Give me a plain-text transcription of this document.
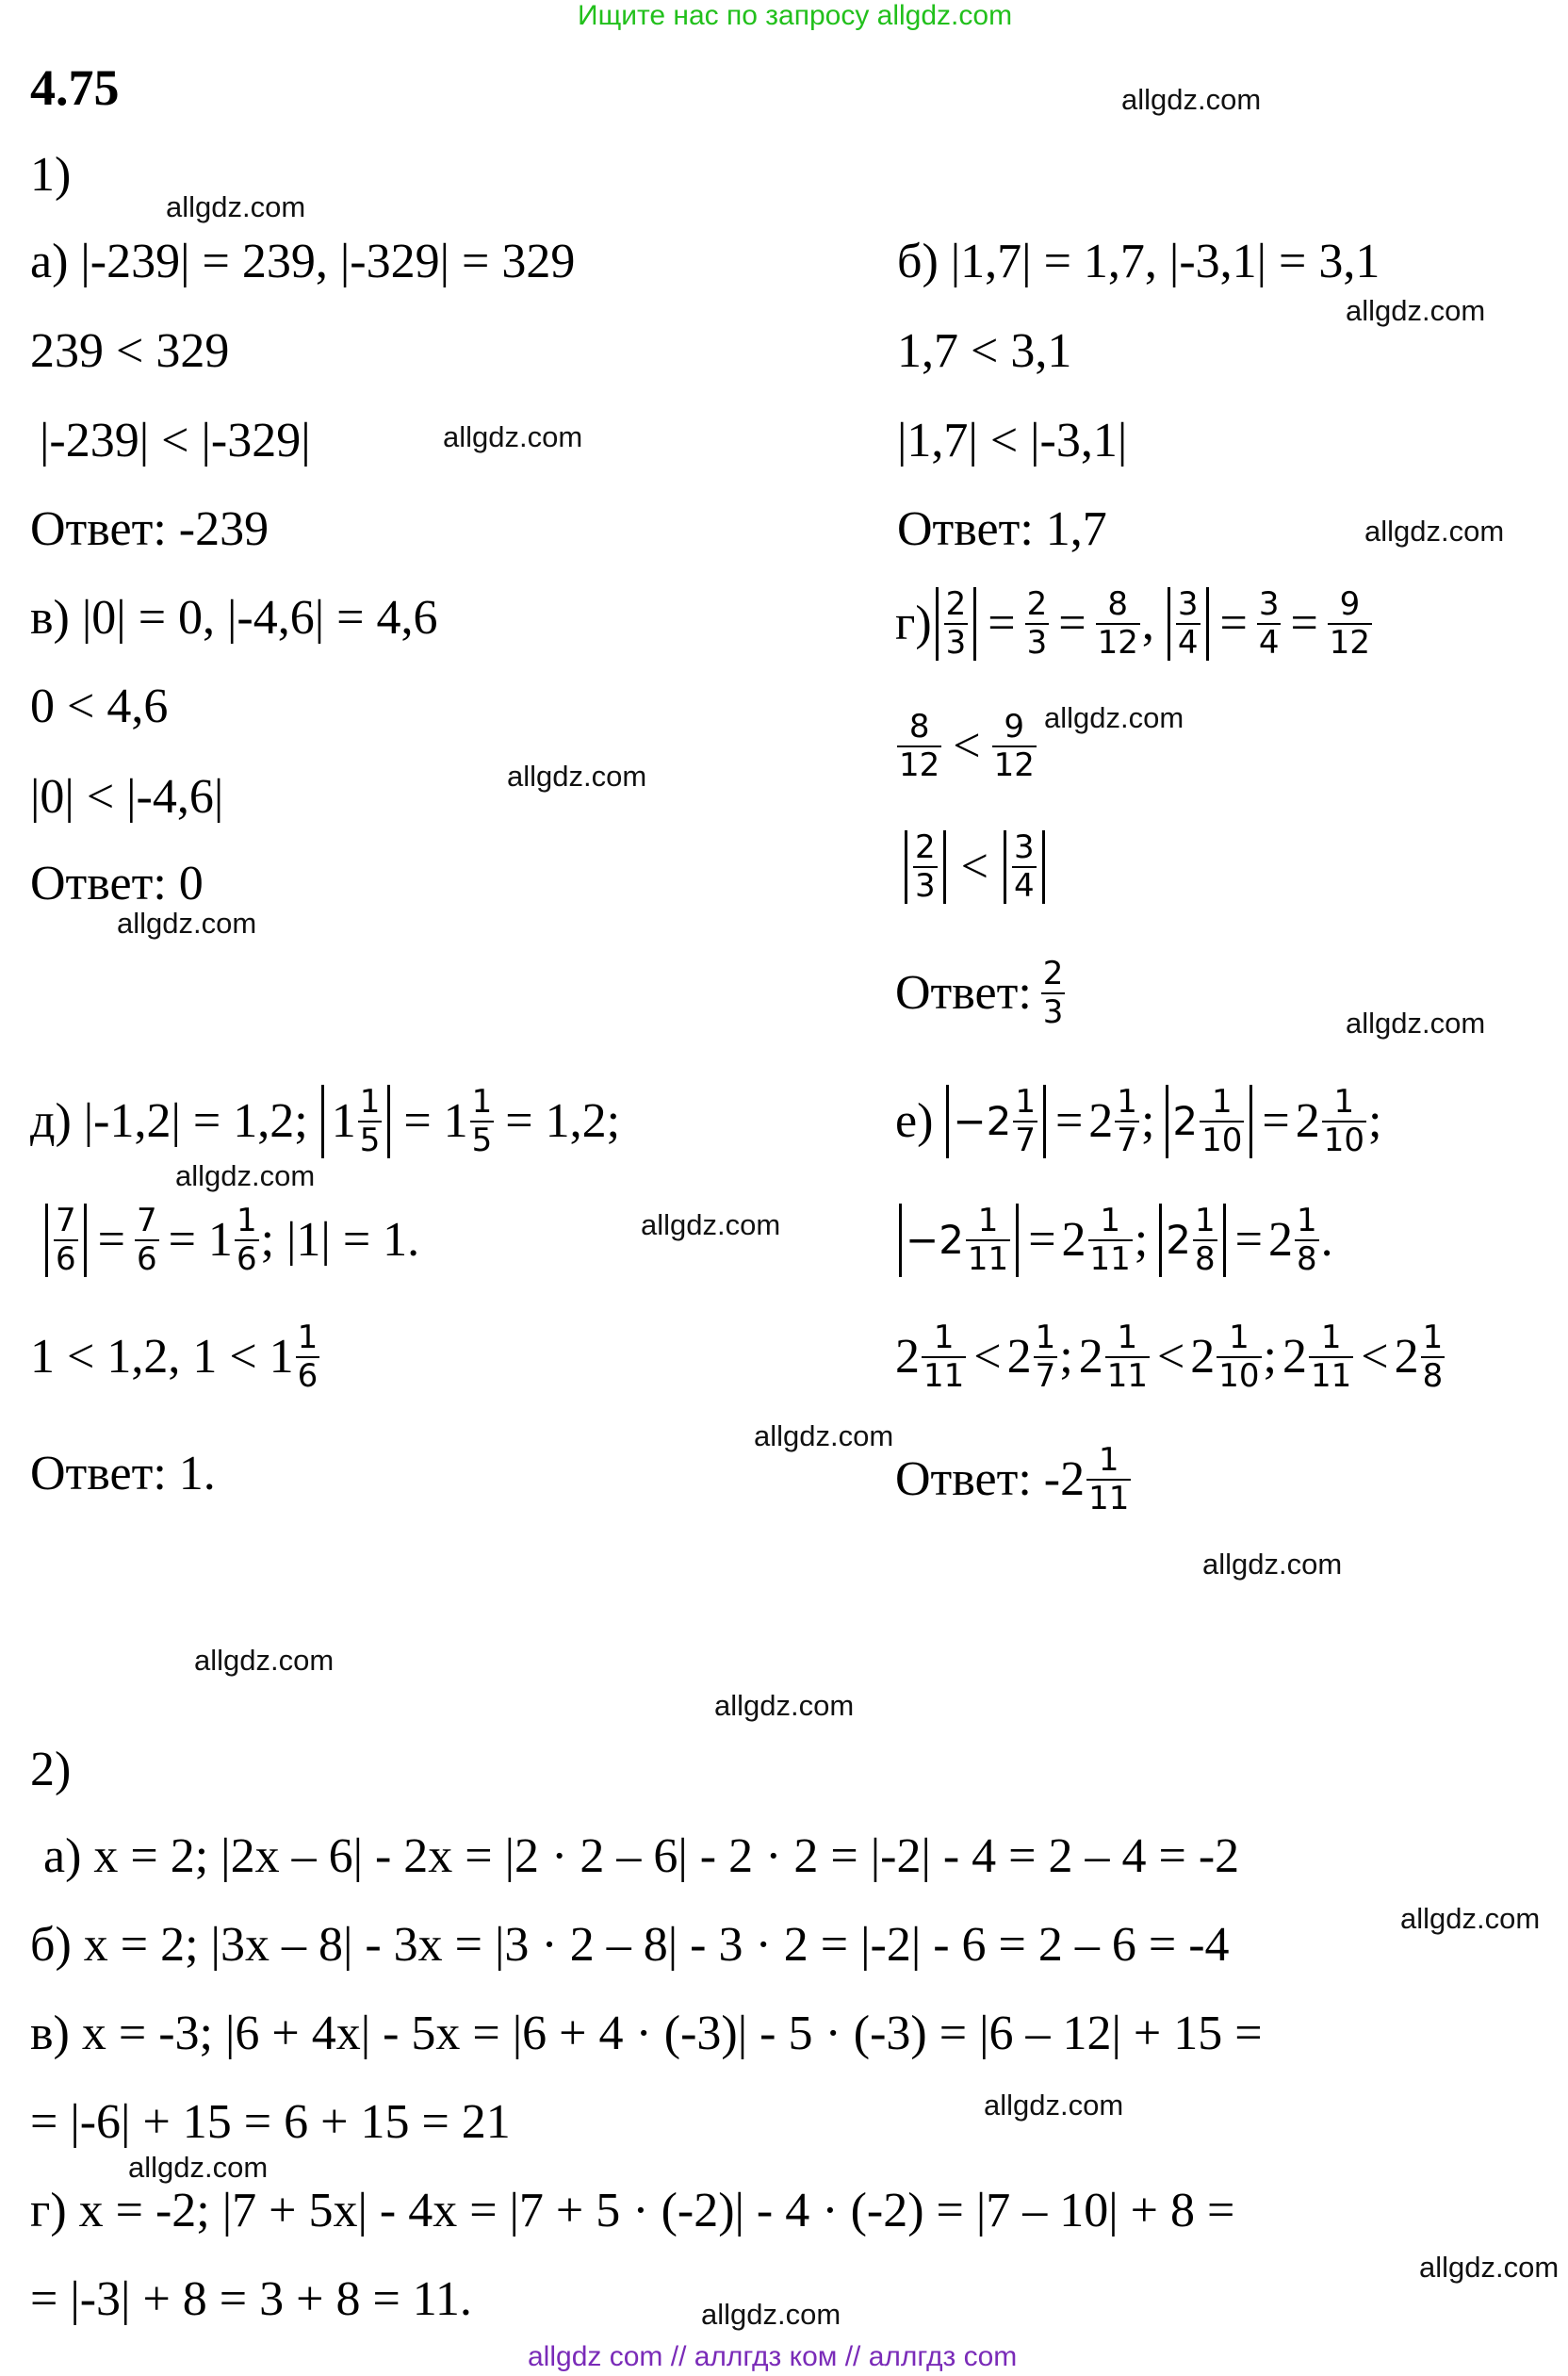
Ищите нас по запросу allgdz.com
4.75
1)
а) |-239| = 239, |-329| = 329
239 < 329
|-239| < |-329|
Ответ: -239
б) |1,7| = 1,7, |-3,1| = 3,1
1,7 < 3,1
|1,7| < |-3,1|
Ответ: 1,7
в) |0| = 0, |-4,6| = 4,6
0 < 4,6
|0| < |-4,6|
Ответ: 0
$г) \frac{2}{3} = \frac{2}{3} = \frac{8}{12}$ , $\frac{3}{4} = \frac{3}{4} = \frac{9}{12}$
$\frac{8}{12} < \frac{9}{12}$
$\frac{2}{3} < \frac{3}{4}$
Ответ: $\frac{2}{3}$
д) |-1,2| = 1,2; $1 \frac{1}{5} = 1 \frac{1}{5} = 1,2$;
$\frac{7}{6} = \frac{7}{6} = 1 \frac{1}{6}$ ; |1| = 1.
1 < 1,2, $1 < 1 \frac{1}{6}$
Ответ: 1.
$е) -2 \frac{1}{7} = 2 \frac{1}{7}$ ; $2 \frac{1}{10} = 2 \frac{1}{10}$ ;
$-2 \frac{1}{11} = 2 \frac{1}{11}$ ; $2 \frac{1}{8} = 2 \frac{1}{8}$ .
$2 \frac{1}{11} < 2 \frac{1}{7}$ ; $2 \frac{1}{11} < 2 \frac{1}{10}$ ; $2 \frac{1}{11} < 2 \frac{1}{8}$
Ответ: $-2 \frac{1}{11}$
2)
а) x = 2; |2x – 6| - 2x = |2 · 2 – 6| - 2 · 2 = |-2| - 4 = 2 – 4 = -2
б) x = 2; |3x – 8| - 3x = |3 · 2 – 8| - 3 · 2 = |-2| - 6 = 2 – 6 = -4
в) x = -3; |6 + 4x| - 5x = |6 + 4 · (-3)| - 5 · (-3) = |6 – 12| + 15 =
= |-6| + 15 = 6 + 15 = 21
г) x = -2; |7 + 5x| - 4x = |7 + 5 · (-2)| - 4 · (-2) = |7 – 10| + 8 =
= |-3| + 8 = 3 + 8 = 11.
allgdz.com
allgdz.com
allgdz.com
allgdz.com
allgdz.com
allgdz.com
allgdz.com
allgdz.com
allgdz.com
allgdz.com
allgdz.com
allgdz.com
allgdz.com
allgdz.com
allgdz.com
allgdz.com
allgdz.com
allgdz.com
allgdz.com
allgdz.com
allgdz com // аллгдз ком // аллгдз com
